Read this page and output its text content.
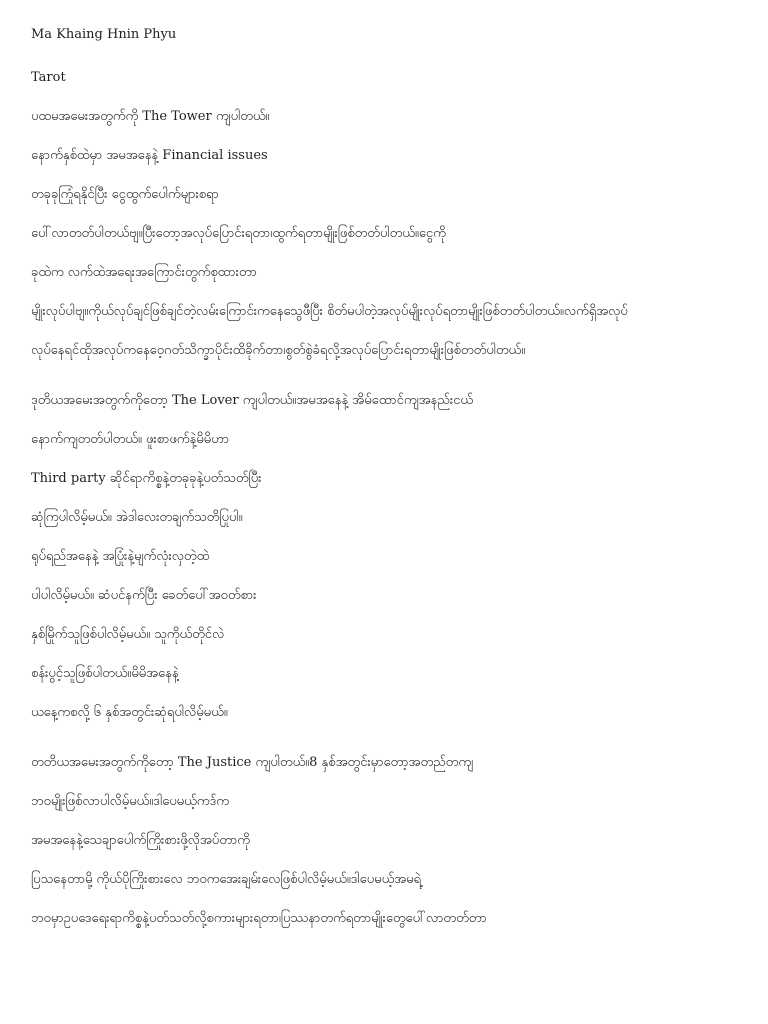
Ma Khaing Hnin Phyu
Tarot
ပထမအမေးအတွက်ကို The Tower ကျပါတယ်။
နောက်နှစ်ထဲမှာ အမအနေနဲ့ Financial issues
တခုခုကြုံရနိုင်ပြီး ငွေထွက်ပေါက်များစရာ
ပေါ်လာတတ်ပါတယ်ဗျ။ပြီးတော့အလုပ်ပြောင်းရတာ၊ထွက်ရတာမျိုးဖြစ်တတ်ပါတယ်။ငွေကို
ခုထဲက လက်ထဲအရေးအကြောင်းတွက်စုထားတာ
မျိုးလုပ်ပါဗျ။ကိုယ်လုပ်ချင်ဖြစ်ချင်တဲ့လမ်းကြောင်းကနေသွေဖီပြီး စိတ်မပါတဲ့အလုပ်မျိုးလုပ်ရတာမျိုးဖြစ်တတ်ပါတယ်။လက်ရှိအလုပ်
လုပ်နေရင်ထိုအလုပ်ကနေဝေ့ဂတ်သိက္ခာပိုင်းထိခိုက်တာ၊စွတ်စွဲခံရလို့အလုပ်ပြောင်းရတာမျိုးဖြစ်တတ်ပါတယ်။
ဒုတိယအမေးအတွက်ကိုတော့ The Lover ကျပါတယ်။အမအနေနဲ့ အိမ်ထောင်ကျအနည်းငယ်
နောက်ကျတတ်ပါတယ်။ ဖူးစာဖက်နဲ့မိမိဟာ
Third party ဆိုင်ရာကိစ္စနဲ့တခုခုနဲ့ပတ်သတ်ပြီး
ဆုံကြပါလိမ့်မယ်။ အဲဒါလေးတချက်သတိပြုပါ။
ရုပ်ရည်အနေနဲ့ အပြုံးနဲ့မျက်လုံးလှတဲ့ထဲ
ပါပါလိမ့်မယ်။ ဆံပင်နက်ပြီး ခေတ်ပေါ်အဝတ်စား
နှစ်မြိုက်သူဖြစ်ပါလိမ့်မယ်။ သူကိုယ်တိုင်လဲ
စန်းပွင့်သူဖြစ်ပါတယ်။မိမိအနေနဲ့
ယနေ့ကစလို့ ၆ နှစ်အတွင်းဆုံရပါလိမ့်မယ်။
တတိယအမေးအတွက်ကိုတော့ The Justice ကျပါတယ်။8 နှစ်အတွင်းမှာတော့အတည်တကျ
ဘဝမျိုးဖြစ်လာပါလိမ့်မယ်။ဒါပေမယ့်ကဒ်က
အမအနေနဲ့သေချာပေါက်ကြိုးစားဖို့လိုအပ်တာကို
ပြသနေတာမို့ ကိုယ်ပိုကြိုးစားလေ ဘဝကအေးချမ်းလေဖြစ်ပါလိမ့်မယ်။ဒါပေမယ့်အမရဲ့
ဘဝမှာဥပဒေရေးရာကိစ္စနဲ့ပတ်သတ်လို့စကားများရတာ၊ပြဿနာတက်ရတာမျိုးတွေပေါ်လာတတ်တာ
